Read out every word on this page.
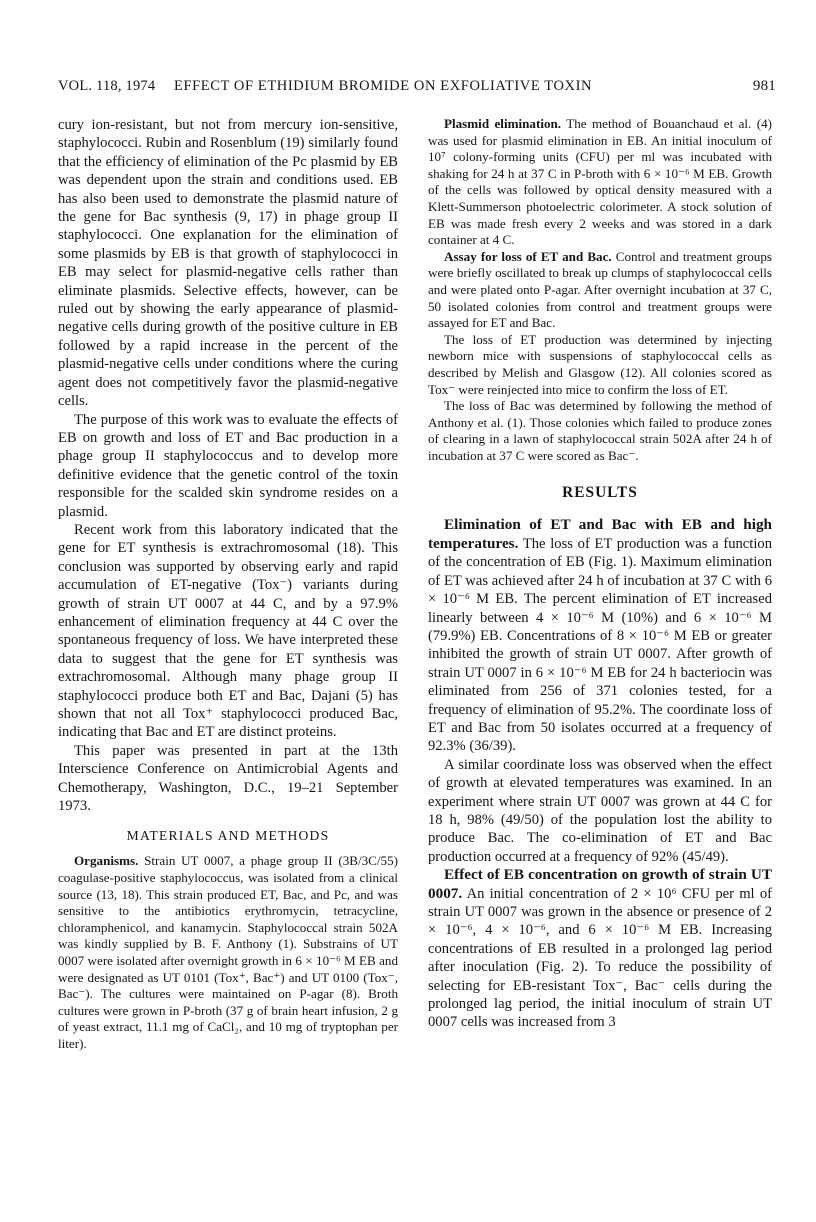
VOL. 118, 1974 EFFECT OF ETHIDIUM BROMIDE ON EXFOLIATIVE TOXIN	981

cury ion-resistant, but not from mercury ion-sensitive, staphylococci. Rubin and Rosenblum (19) similarly found that the efficiency of elimination of the Pc plasmid by EB was dependent upon the strain and conditions used. EB has also been used to demonstrate the plasmid nature of the gene for Bac synthesis (9, 17) in phage group II staphylococci. One explanation for the elimination of some plasmids by EB is that growth of staphylococci in EB may select for plasmid-negative cells rather than eliminate plasmids. Selective effects, however, can be ruled out by showing the early appearance of plasmid-negative cells during growth of the positive culture in EB followed by a rapid increase in the percent of the plasmid-negative cells under conditions where the curing agent does not competitively favor the plasmid-negative cells.

The purpose of this work was to evaluate the effects of EB on growth and loss of ET and Bac production in a phage group II staphylococcus and to develop more definitive evidence that the genetic control of the toxin responsible for the scalded skin syndrome resides on a plasmid.

Recent work from this laboratory indicated that the gene for ET synthesis is extrachromosomal (18). This conclusion was supported by observing early and rapid accumulation of ET-negative (Tox⁻) variants during growth of strain UT 0007 at 44 C, and by a 97.9% enhancement of elimination frequency at 44 C over the spontaneous frequency of loss. We have interpreted these data to suggest that the gene for ET synthesis was extrachromosomal. Although many phage group II staphylococci produce both ET and Bac, Dajani (5) has shown that not all Tox⁺ staphylococci produced Bac, indicating that Bac and ET are distinct proteins.

This paper was presented in part at the 13th Interscience Conference on Antimicrobial Agents and Chemotherapy, Washington, D.C., 19–21 September 1973.

MATERIALS AND METHODS

Organisms. Strain UT 0007, a phage group II (3B/3C/55) coagulase-positive staphylococcus, was isolated from a clinical source (13, 18). This strain produced ET, Bac, and Pc, and was sensitive to the antibiotics erythromycin, tetracycline, chloramphenicol, and kanamycin. Staphylococcal strain 502A was kindly supplied by B. F. Anthony (1). Substrains of UT 0007 were isolated after overnight growth in 6 × 10⁻⁶ M EB and were designated as UT 0101 (Tox⁺, Bac⁺) and UT 0100 (Tox⁻, Bac⁻). The cultures were maintained on P-agar (8). Broth cultures were grown in P-broth (37 g of brain heart infusion, 2 g of yeast extract, 11.1 mg of CaCl₂, and 10 mg of tryptophan per liter).

Plasmid elimination. The method of Bouanchaud et al. (4) was used for plasmid elimination in EB. An initial inoculum of 10⁷ colony-forming units (CFU) per ml was incubated with shaking for 24 h at 37 C in P-broth with 6 × 10⁻⁶ M EB. Growth of the cells was followed by optical density measured with a Klett-Summerson photoelectric colorimeter. A stock solution of EB was made fresh every 2 weeks and was stored in a dark container at 4 C.

Assay for loss of ET and Bac. Control and treatment groups were briefly oscillated to break up clumps of staphylococcal cells and were plated onto P-agar. After overnight incubation at 37 C, 50 isolated colonies from control and treatment groups were assayed for ET and Bac.

The loss of ET production was determined by injecting newborn mice with suspensions of staphylococcal cells as described by Melish and Glasgow (12). All colonies scored as Tox⁻ were reinjected into mice to confirm the loss of ET.

The loss of Bac was determined by following the method of Anthony et al. (1). Those colonies which failed to produce zones of clearing in a lawn of staphylococcal strain 502A after 24 h of incubation at 37 C were scored as Bac⁻.

RESULTS

Elimination of ET and Bac with EB and high temperatures. The loss of ET production was a function of the concentration of EB (Fig. 1). Maximum elimination of ET was achieved after 24 h of incubation at 37 C with 6 × 10⁻⁶ M EB. The percent elimination of ET increased linearly between 4 × 10⁻⁶ M (10%) and 6 × 10⁻⁶ M (79.9%) EB. Concentrations of 8 × 10⁻⁶ M EB or greater inhibited the growth of strain UT 0007. After growth of strain UT 0007 in 6 × 10⁻⁶ M EB for 24 h bacteriocin was eliminated from 256 of 371 colonies tested, for a frequency of elimination of 95.2%. The coordinate loss of ET and Bac from 50 isolates occurred at a frequency of 92.3% (36/39).

A similar coordinate loss was observed when the effect of growth at elevated temperatures was examined. In an experiment where strain UT 0007 was grown at 44 C for 18 h, 98% (49/50) of the population lost the ability to produce Bac. The co-elimination of ET and Bac production occurred at a frequency of 92% (45/49).

Effect of EB concentration on growth of strain UT 0007. An initial concentration of 2 × 10⁶ CFU per ml of strain UT 0007 was grown in the absence or presence of 2 × 10⁻⁶, 4 × 10⁻⁶, and 6 × 10⁻⁶ M EB. Increasing concentrations of EB resulted in a prolonged lag period after inoculation (Fig. 2). To reduce the possibility of selecting for EB-resistant Tox⁻, Bac⁻ cells during the prolonged lag period, the initial inoculum of strain UT 0007 cells was increased from 3
